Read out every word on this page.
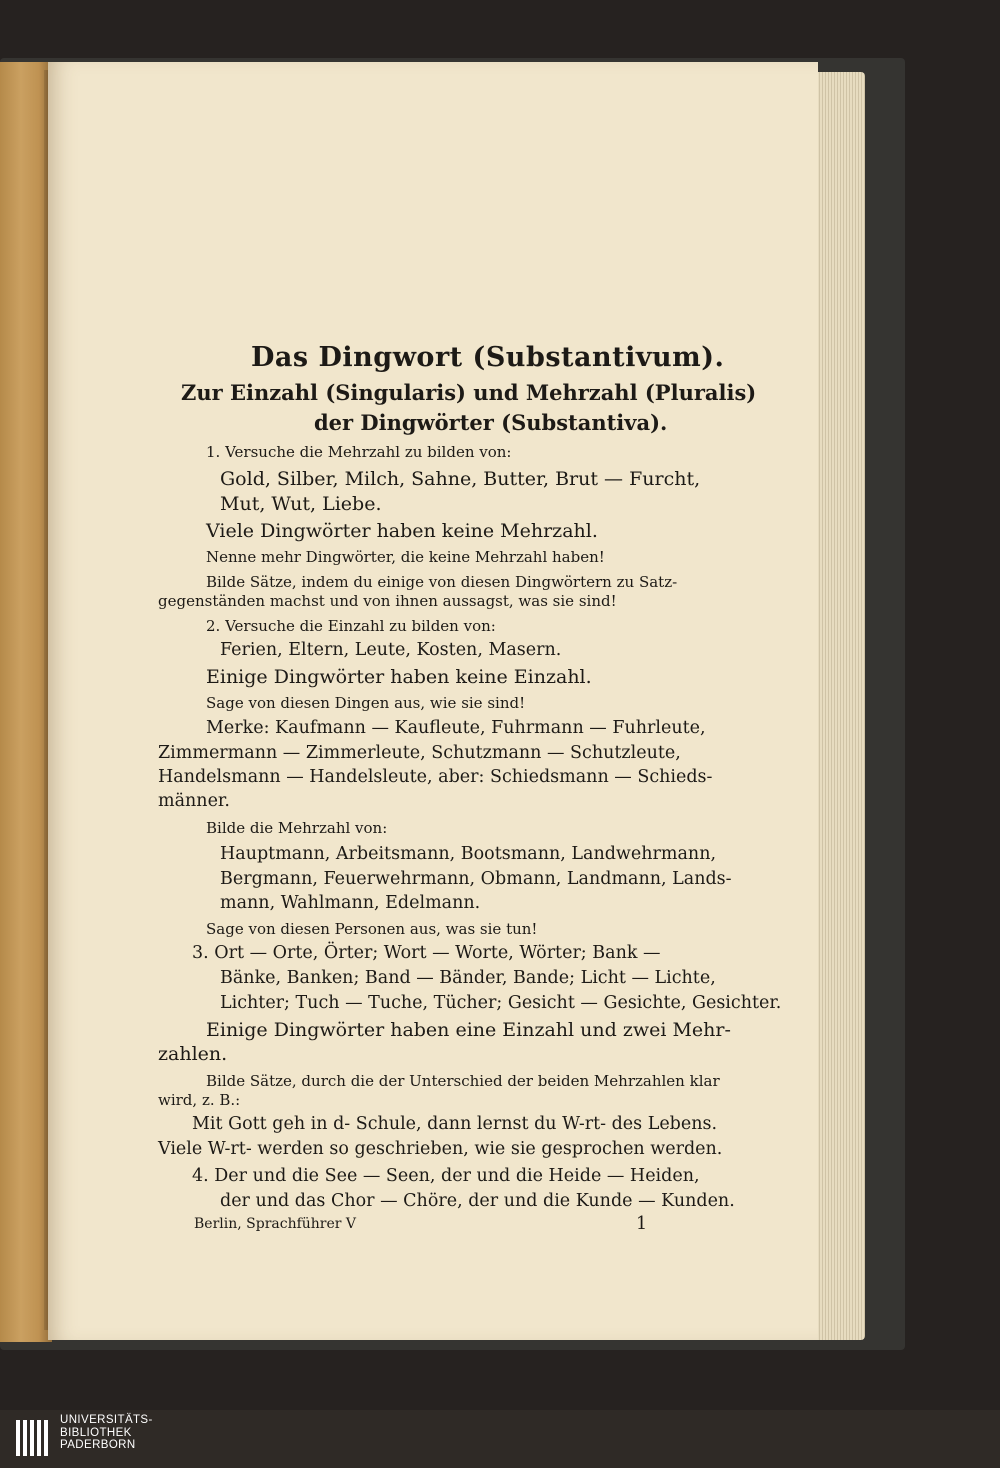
Das Dingwort (Substantivum).
Zur Einzahl (Singularis) und Mehrzahl (Pluralis)
der Dingwörter (Substantiva).
1. Versuche die Mehrzahl zu bilden von:
Gold, Silber, Milch, Sahne, Butter, Brut — Furcht,
Mut, Wut, Liebe.
Viele Dingwörter haben keine Mehrzahl.
Nenne mehr Dingwörter, die keine Mehrzahl haben!
Bilde Sätze, indem du einige von diesen Dingwörtern zu Satz-
gegenständen machst und von ihnen aussagst, was sie sind!
2. Versuche die Einzahl zu bilden von:
Ferien, Eltern, Leute, Kosten, Masern.
Einige Dingwörter haben keine Einzahl.
Sage von diesen Dingen aus, wie sie sind!
Merke: Kaufmann — Kaufleute, Fuhrmann — Fuhrleute,
Zimmermann — Zimmerleute, Schutzmann — Schutzleute,
Handelsmann — Handelsleute, aber: Schiedsmann — Schieds-
männer.
Bilde die Mehrzahl von:
Hauptmann, Arbeitsmann, Bootsmann, Landwehrmann,
Bergmann, Feuerwehrmann, Obmann, Landmann, Lands-
mann, Wahlmann, Edelmann.
Sage von diesen Personen aus, was sie tun!
3. Ort — Orte, Örter; Wort — Worte, Wörter; Bank —
Bänke, Banken; Band — Bänder, Bande; Licht — Lichte,
Lichter; Tuch — Tuche, Tücher; Gesicht — Gesichte, Gesichter.
Einige Dingwörter haben eine Einzahl und zwei Mehr-
zahlen.
Bilde Sätze, durch die der Unterschied der beiden Mehrzahlen klar
wird, z. B.:
Mit Gott geh in d- Schule, dann lernst du W-rt- des Lebens.
Viele W-rt- werden so geschrieben, wie sie gesprochen werden.
4. Der und die See — Seen, der und die Heide — Heiden,
der und das Chor — Chöre, der und die Kunde — Kunden.
Berlin, Sprachführer V	1
UNIVERSITÄTS-
BIBLIOTHEK
PADERBORN
